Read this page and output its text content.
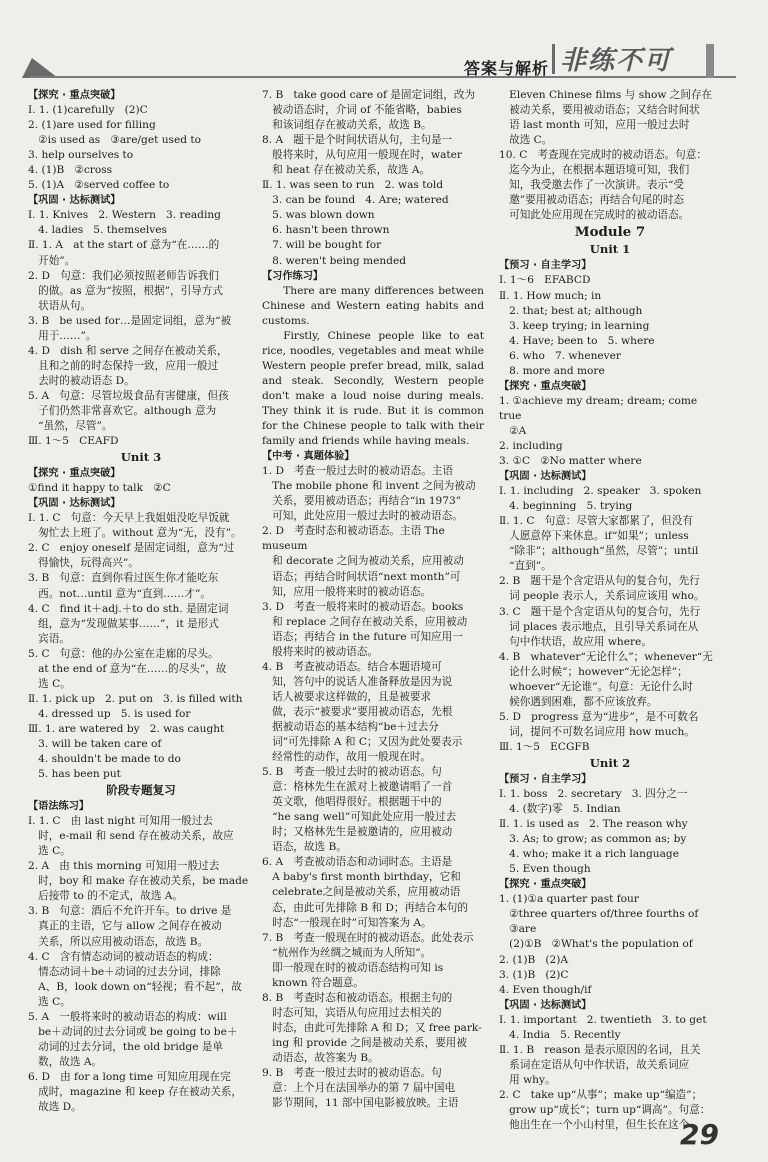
答案与解析 非练不可

【探究 · 重点突破】

Ⅰ. 1. (1)carefully   (2)C

2. (1)are used for filling

②is used as   ③are/get used to

3. help ourselves to

4. (1)B   ②cross

5. (1)A   ②served coffee to

【巩固 · 达标测试】

Ⅰ. 1. Knives   2. Western   3. reading

4. ladies   5. themselves

Ⅱ. 1. A   at the start of 意为“在……的

开始”。

2. D   句意：我们必须按照老师告诉我们

的做。as 意为“按照，根据”，引导方式

状语从句。

3. B   be used for…是固定词组，意为“被

用于……”。

4. D   dish 和 serve 之间存在被动关系，

且和之前的时态保持一致，应用一般过

去时的被动语态 D。

5. A   句意：尽管垃圾食品有害健康，但孩

子们仍然非常喜欢它。although 意为

“虽然，尽管”。

Ⅲ. 1～5   CEAFD

Unit 3

【探究 · 重点突破】

①find it happy to talk   ②C

【巩固 · 达标测试】

Ⅰ. 1. C   句意：今天早上我姐姐没吃早饭就

匆忙去上班了。without 意为“无，没有”。

2. C   enjoy oneself 是固定词组，意为“过

得愉快，玩得高兴”。

3. B   句意：直到你看过医生你才能吃东

西。not…until 意为“直到……才”。

4. C   find it＋adj.＋to do sth. 是固定词

组，意为“发现做某事……”，it 是形式

宾语。

5. C   句意：他的办公室在走廊的尽头。

at the end of 意为“在……的尽头”，故

选 C。

Ⅱ. 1. pick up   2. put on   3. is filled with

4. dressed up   5. is used for

Ⅲ. 1. are watered by   2. was caught

3. will be taken care of

4. shouldn't be made to do

5. has been put

阶段专题复习

【语法练习】

Ⅰ. 1. C   由 last night 可知用一般过去

时，e-mail 和 send 存在被动关系，故应

选 C。

2. A   由 this morning 可知用一般过去

时，boy 和 make 存在被动关系，be made

后接带 to 的不定式，故选 A。

3. B   句意：酒后不允许开车。to drive 是

真正的主语，它与 allow 之间存在被动

关系，所以应用被动语态，故选 B。

4. C   含有情态动词的被动语态的构成：

情态动词＋be＋动词的过去分词，排除

A、B，look down on“轻视；看不起”，故

选 C。

5. A   一般将来时的被动语态的构成：will

be＋动词的过去分词或 be going to be＋

动词的过去分词，the old bridge 是单

数，故选 A。

6. D   由 for a long time 可知应用现在完

成时，magazine 和 keep 存在被动关系，

故选 D。

7. B   take good care of 是固定词组，改为

被动语态时，介词 of 不能省略，babies

和该词组存在被动关系，故选 B。

8. A   题干是个时间状语从句，主句是一

般将来时，从句应用一般现在时，water

和 heat 存在被动关系，故选 A。

Ⅱ. 1. was seen to run   2. was told

3. can be found   4. Are; watered

5. was blown down

6. hasn't been thrown

7. will be bought for

8. weren't being mended

【习作练习】

There are many differences between Chinese and Western eating habits and customs.

Firstly, Chinese people like to eat rice, noodles, vegetables and meat while Western people prefer bread, milk, salad and steak. Secondly, Western people don't make a loud noise during meals. They think it is rude. But it is common for the Chinese people to talk with their family and friends while having meals.

【中考 · 真题体验】

1. D   考查一般过去时的被动语态。主语

The mobile phone 和 invent 之间为被动

关系，要用被动语态；再结合“in 1973”

可知，此处应用一般过去时的被动语态。

2. D   考查时态和被动语态。主语 The museum

和 decorate 之间为被动关系，应用被动

语态；再结合时间状语“next month”可

知，应用一般将来时的被动语态。

3. D   考查一般将来时的被动语态。books

和 replace 之间存在被动关系，应用被动

语态；再结合 in the future 可知应用一

般将来时的被动语态。

4. B   考查被动语态。结合本题语境可

知，答句中的说话人准备释放是因为说

话人被要求这样做的，且是被要求

做，表示“被要求”要用被动语态，先根

据被动语态的基本结构“be＋过去分

词”可先排除 A 和 C；又因为此处要表示

经常性的动作，故用一般现在时。

5. B   考查一般过去时的被动语态。句

意：格林先生在派对上被邀请唱了一首

英文歌，他唱得很好。根据题干中的

“he sang well”可知此处应用一般过去

时；又格林先生是被邀请的，应用被动

语态，故选 B。

6. A   考查被动语态和动词时态。主语是

A baby's first month birthday，它和

celebrate之间是被动关系，应用被动语

态，由此可先排除 B 和 D；再结合本句的

时态“一般现在时”可知答案为 A。

7. B   考查一般现在时的被动语态。此处表示

“杭州作为丝绸之城而为人所知”。

即一般现在时的被动语态结构可知 is

known 符合题意。

8. B   考查时态和被动语态。根据主句的

时态可知，宾语从句应用过去相关的

时态，由此可先排除 A 和 D；又 free park-

ing 和 provide 之间是被动关系，要用被

动语态，故答案为 B。

9. B   考查一般过去时的被动语态。句

意：上个月在法国举办的第 7 届中国电

影节期间，11 部中国电影被放映。主语

Eleven Chinese films 与 show 之间存在

被动关系，要用被动语态；又结合时间状

语 last month 可知，应用一般过去时

故选 C。

10. C   考查现在完成时的被动语态。句意：

迄今为止，在根据本题语境可知，我们

知，我受邀去作了一次演讲。表示“受

邀”要用被动语态；再结合句尾的时态

可知此处应用现在完成时的被动语态。

Module 7

Unit 1

【预习 · 自主学习】

Ⅰ. 1～6   EFABCD

Ⅱ. 1. How much; in

2. that; best at; although

3. keep trying; in learning

4. Have; been to   5. where

6. who   7. whenever

8. more and more

【探究 · 重点突破】

1. ①achieve my dream; dream; come true

②A

2. including

3. ①C   ②No matter where

【巩固 · 达标测试】

Ⅰ. 1. including   2. speaker   3. spoken

4. beginning   5. trying

Ⅱ. 1. C   句意：尽管大家都累了，但没有

人愿意停下来休息。if“如果”；unless

“除非”；although“虽然，尽管”；until

“直到”。

2. B   题干是个含定语从句的复合句，先行

词 people 表示人，关系词应该用 who。

3. C   题干是个含定语从句的复合句，先行

词 places 表示地点，且引导关系词在从

句中作状语，故应用 where。

4. B   whatever“无论什么”；whenever“无

论什么时候”；however“无论怎样”；

whoever“无论谁”。句意：无论什么时

候你遇到困难，都不应该放弃。

5. D   progress 意为“进步”，是不可数名

词，提问不可数名词应用 how much。

Ⅲ. 1～5   ECGFB

Unit 2

【预习 · 自主学习】

Ⅰ. 1. boss   2. secretary   3. 四分之一

4. (数字)零   5. Indian

Ⅱ. 1. is used as   2. The reason why

3. As; to grow; as common as; by

4. who; make it a rich language

5. Even though

【探究 · 重点突破】

1. (1)①a quarter past four

②three quarters of/three fourths of

③are

(2)①B   ②What's the population of

2. (1)B   (2)A

3. (1)B   (2)C

4. Even though/if

【巩固 · 达标测试】

Ⅰ. 1. important   2. twentieth   3. to get

4. India   5. Recently

Ⅱ. 1. B   reason 是表示原因的名词，且关

系词在定语从句中作状语，故关系词应

用 why。

2. C   take up“从事”；make up“编造”；

grow up“成长”；turn up“调高”。句意：

他出生在一个小山村里，但生长在这个

29
